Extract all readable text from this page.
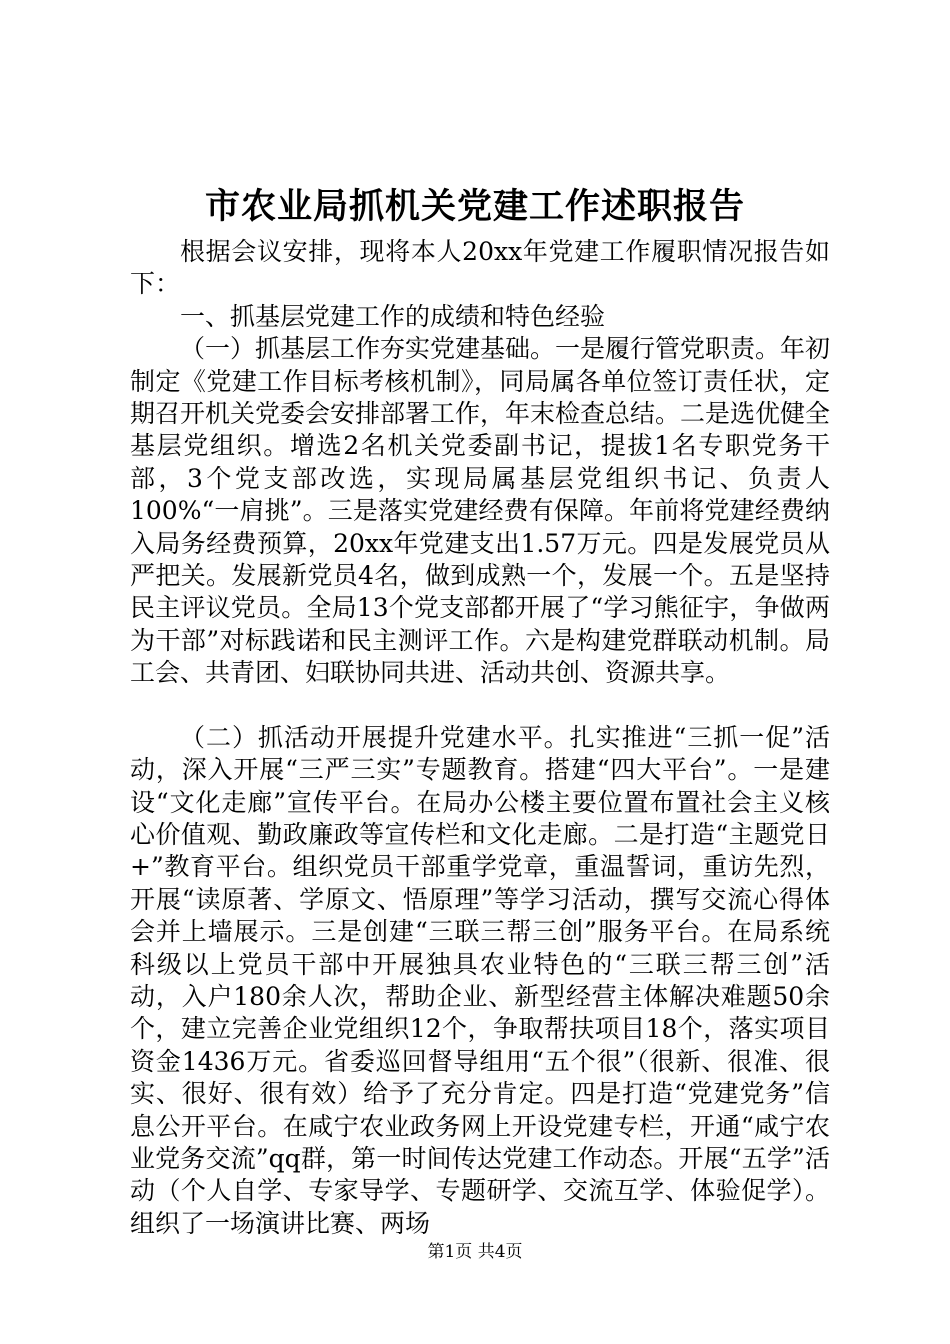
市农业局抓机关党建工作述职报告

根据会议安排，现将本人20xx年党建工作履职情况报告如下：

一、抓基层党建工作的成绩和特色经验

（一）抓基层工作夯实党建基础。一是履行管党职责。年初制定《党建工作目标考核机制》，同局属各单位签订责任状，定期召开机关党委会安排部署工作，年末检查总结。二是选优健全基层党组织。增选2名机关党委副书记，提拔1名专职党务干部，3个党支部改选，实现局属基层党组织书记、负责人100%“一肩挑”。三是落实党建经费有保障。年前将党建经费纳入局务经费预算，20xx年党建支出1.57万元。四是发展党员从严把关。发展新党员4名，做到成熟一个，发展一个。五是坚持民主评议党员。全局13个党支部都开展了“学习熊征宇，争做两为干部”对标践诺和民主测评工作。六是构建党群联动机制。局工会、共青团、妇联协同共进、活动共创、资源共享。

（二）抓活动开展提升党建水平。扎实推进“三抓一促”活动，深入开展“三严三实”专题教育。搭建“四大平台”。一是建设“文化走廊”宣传平台。在局办公楼主要位置布置社会主义核心价值观、勤政廉政等宣传栏和文化走廊。二是打造“主题党日+”教育平台。组织党员干部重学党章，重温誓词，重访先烈，开展“读原著、学原文、悟原理”等学习活动，撰写交流心得体会并上墙展示。三是创建“三联三帮三创”服务平台。在局系统科级以上党员干部中开展独具农业特色的“三联三帮三创”活动，入户180余人次，帮助企业、新型经营主体解决难题50余个，建立完善企业党组织12个，争取帮扶项目18个，落实项目资金1436万元。省委巡回督导组用“五个很”（很新、很准、很实、很好、很有效）给予了充分肯定。四是打造“党建党务”信息公开平台。在咸宁农业政务网上开设党建专栏，开通“咸宁农业党务交流”qq群，第一时间传达党建工作动态。开展“五学”活动（个人自学、专家导学、专题研学、交流互学、体验促学）。组织了一场演讲比赛、两场

第1页 共4页
